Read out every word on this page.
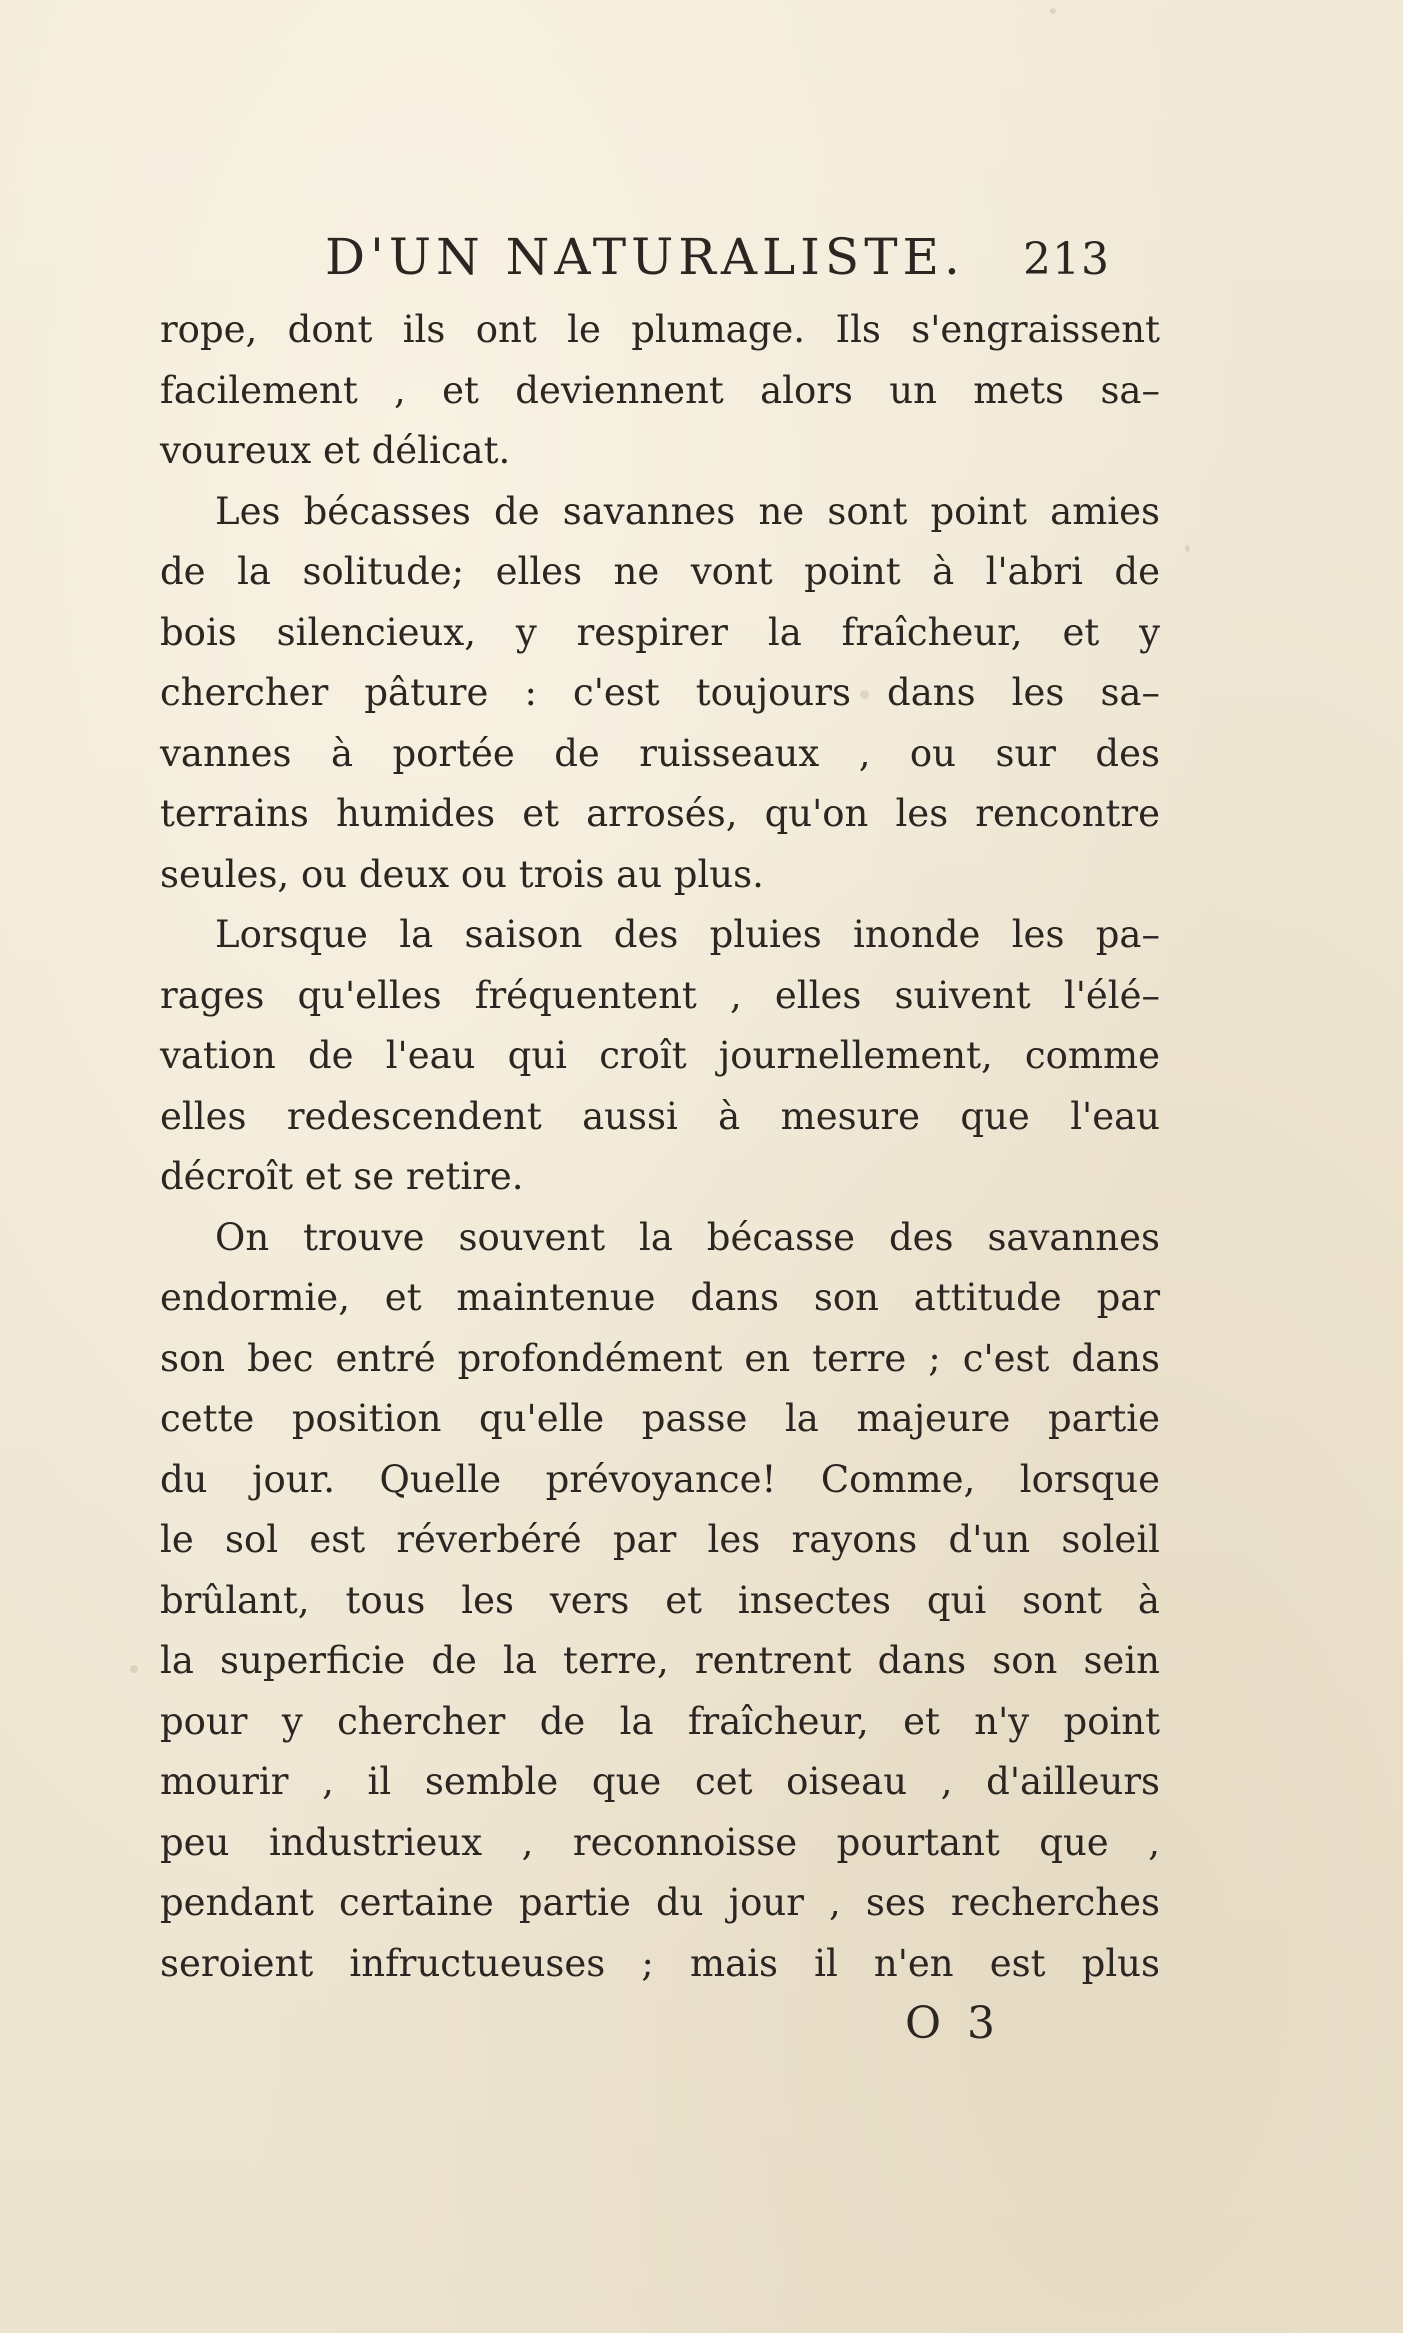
D'UN NATURALISTE. 213
rope, dont ils ont le plumage. Ils s'engraissent
facilement , et deviennent alors un mets sa–
voureux et délicat.
Les bécasses de savannes ne sont point amies
de la solitude; elles ne vont point à l'abri de
bois silencieux, y respirer la fraîcheur, et y
chercher pâture : c'est toujours dans les sa–
vannes à portée de ruisseaux , ou sur des
terrains humides et arrosés, qu'on les rencontre
seules, ou deux ou trois au plus.
Lorsque la saison des pluies inonde les pa–
rages qu'elles fréquentent , elles suivent l'élé–
vation de l'eau qui croît journellement, comme
elles redescendent aussi à mesure que l'eau
décroît et se retire.
On trouve souvent la bécasse des savannes
endormie, et maintenue dans son attitude par
son bec entré profondément en terre ; c'est dans
cette position qu'elle passe la majeure partie
du jour. Quelle prévoyance! Comme, lorsque
le sol est réverbéré par les rayons d'un soleil
brûlant, tous les vers et insectes qui sont à
la superficie de la terre, rentrent dans son sein
pour y chercher de la fraîcheur, et n'y point
mourir , il semble que cet oiseau , d'ailleurs
peu industrieux , reconnoisse pourtant que ,
pendant certaine partie du jour , ses recherches
seroient infructueuses ; mais il n'en est plus
O 3
